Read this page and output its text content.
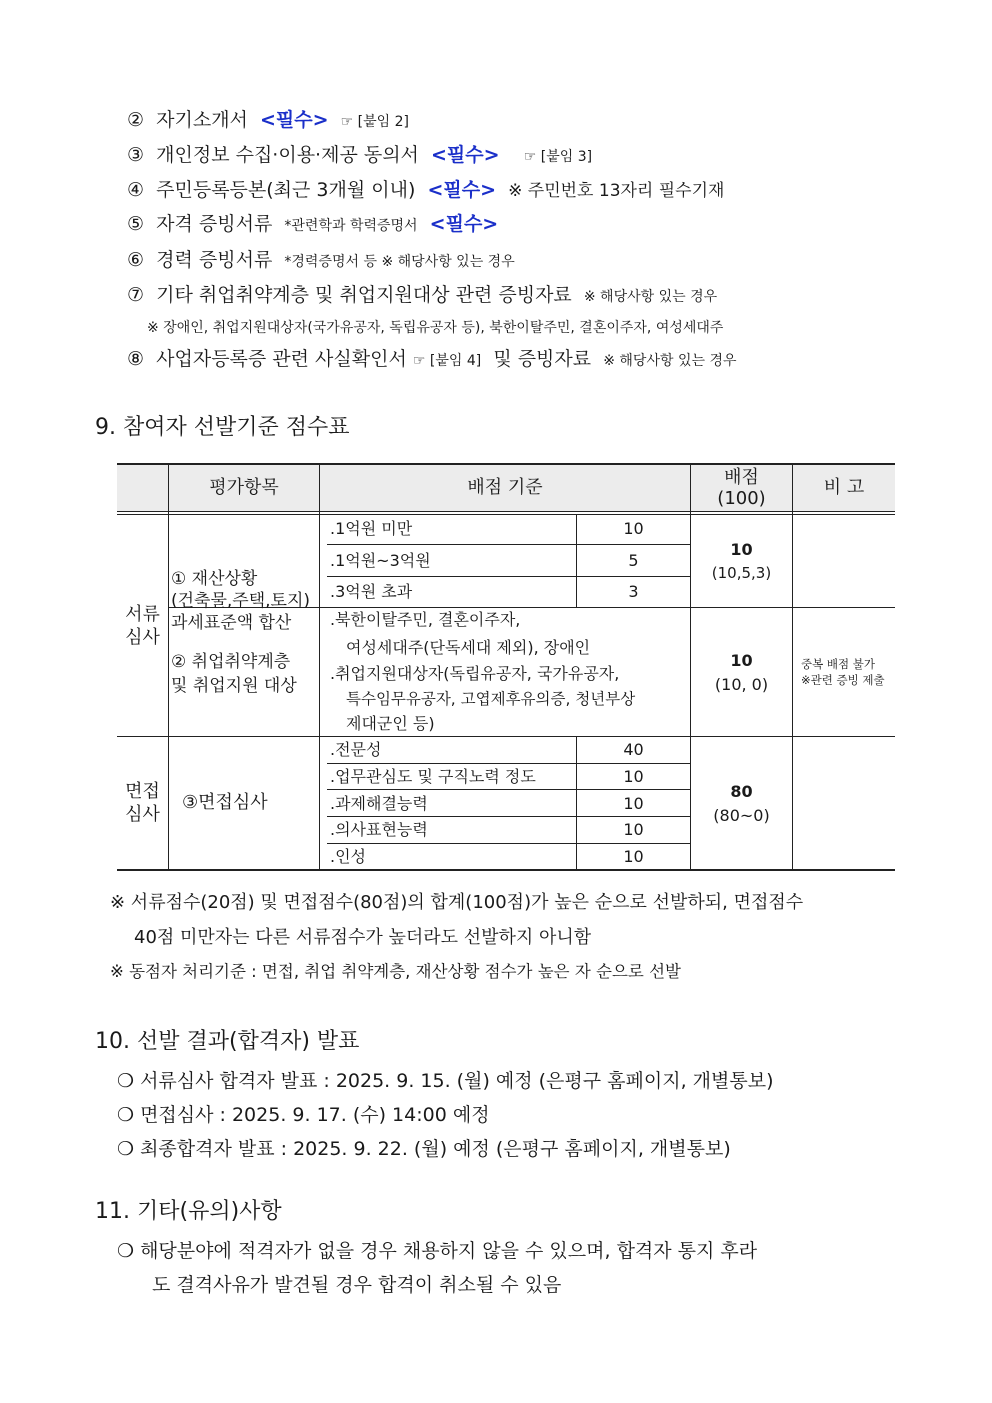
② 자기소개서 <필수> ☞ [붙임 2]
③ 개인정보 수집·이용·제공 동의서 <필수> ☞ [붙임 3]
④ 주민등록등본(최근 3개월 이내) <필수> ※ 주민번호 13자리 필수기재
⑤ 자격 증빙서류 *관련학과 학력증명서 <필수>
⑥ 경력 증빙서류 *경력증명서 등 ※ 해당사항 있는 경우
⑦ 기타 취업취약계층 및 취업지원대상 관련 증빙자료 ※ 해당사항 있는 경우
※ 장애인, 취업지원대상자(국가유공자, 독립유공자 등), 북한이탈주민, 결혼이주자, 여성세대주
⑧ 사업자등록증 관련 사실확인서 ☞ [붙임 4] 및 증빙자료 ※ 해당사항 있는 경우
9. 참여자 선발기준 점수표
평가항목	배점 기준	배점
(100)
비 고
서류
심사
면접
심사

① 재산상황
(건축물,주택,토지)
과세표준액 합산

.1억원 미만
.1억원~3억원
.3억원 초과
10
5
3
10
(10,5,3)
② 취업취약계층
및 취업지원 대상
.북한이탈주민, 결혼이주자,
여성세대주(단독세대 제외), 장애인
.취업지원대상자(독립유공자, 국가유공자,
특수임무유공자, 고엽제후유의증, 청년부상
제대군인 등)
10
(10, 0)
중복 배점 불가
※관련 증빙 제출
③면접심사
.전문성
.업무관심도 및 구직노력 정도
.과제해결능력
.의사표현능력
.인성
40
10
10
10
10
80
(80~0)
※ 서류점수(20점) 및 면접점수(80점)의 합계(100점)가 높은 순으로 선발하되, 면접점수
40점 미만자는 다른 서류점수가 높더라도 선발하지 아니함
※ 동점자 처리기준 : 면접, 취업 취약계층, 재산상황 점수가 높은 자 순으로 선발
10. 선발 결과(합격자) 발표
❍ 서류심사 합격자 발표 : 2025. 9. 15. (월) 예정 (은평구 홈페이지, 개별통보)
❍ 면접심사 : 2025. 9. 17. (수) 14:00 예정
❍ 최종합격자 발표 : 2025. 9. 22. (월) 예정 (은평구 홈페이지, 개별통보)
11. 기타(유의)사항
❍ 해당분야에 적격자가 없을 경우 채용하지 않을 수 있으며, 합격자 통지 후라
도 결격사유가 발견될 경우 합격이 취소될 수 있음
